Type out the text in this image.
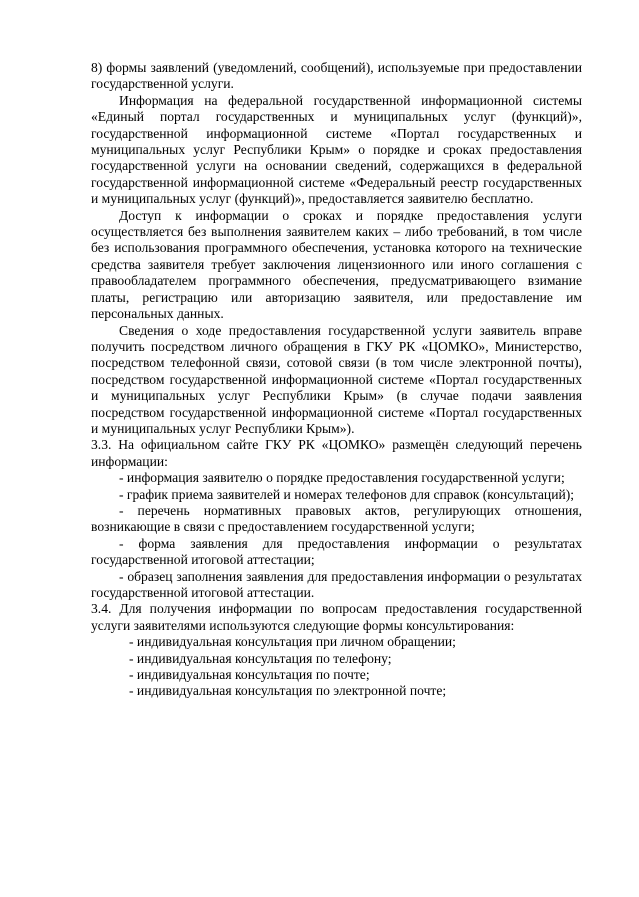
8) формы заявлений (уведомлений, сообщений), используемые при предоставлении государственной услуги.

Информация на федеральной государственной информационной системы «Единый портал государственных и муниципальных услуг (функций)», государственной информационной системе «Портал государственных и муниципальных услуг Республики Крым» о порядке и сроках предоставления государственной услуги на основании сведений, содержащихся в федеральной государственной информационной системе «Федеральный реестр государственных и муниципальных услуг (функций)», предоставляется заявителю бесплатно.

Доступ к информации о сроках и порядке предоставления услуги осуществляется без выполнения заявителем каких – либо требований, в том числе без использования программного обеспечения, установка которого на технические средства заявителя требует заключения лицензионного или иного соглашения с правообладателем программного обеспечения, предусматривающего взимание платы, регистрацию или авторизацию заявителя, или предоставление им персональных данных.

Сведения о ходе предоставления государственной услуги заявитель вправе получить посредством личного обращения в ГКУ РК «ЦОМКО», Министерство, посредством телефонной связи, сотовой связи (в том числе электронной почты), посредством государственной информационной системе «Портал государственных и муниципальных услуг Республики Крым» (в случае подачи заявления посредством государственной информационной системе «Портал государственных и муниципальных услуг Республики Крым»).

3.3. На официальном сайте ГКУ РК «ЦОМКО» размещён следующий перечень информации:

- информация заявителю о порядке предоставления государственной услуги;

- график приема заявителей и номерах телефонов для справок (консультаций);

- перечень нормативных правовых актов, регулирующих отношения, возникающие в связи с предоставлением государственной услуги;

- форма заявления для предоставления информации о результатах государственной итоговой аттестации;

- образец заполнения заявления для предоставления информации о результатах государственной итоговой аттестации.

3.4. Для получения информации по вопросам предоставления государственной услуги заявителями используются следующие формы консультирования:

- индивидуальная консультация при личном обращении;

- индивидуальная консультация по телефону;

- индивидуальная консультация по почте;

- индивидуальная консультация по электронной почте;
